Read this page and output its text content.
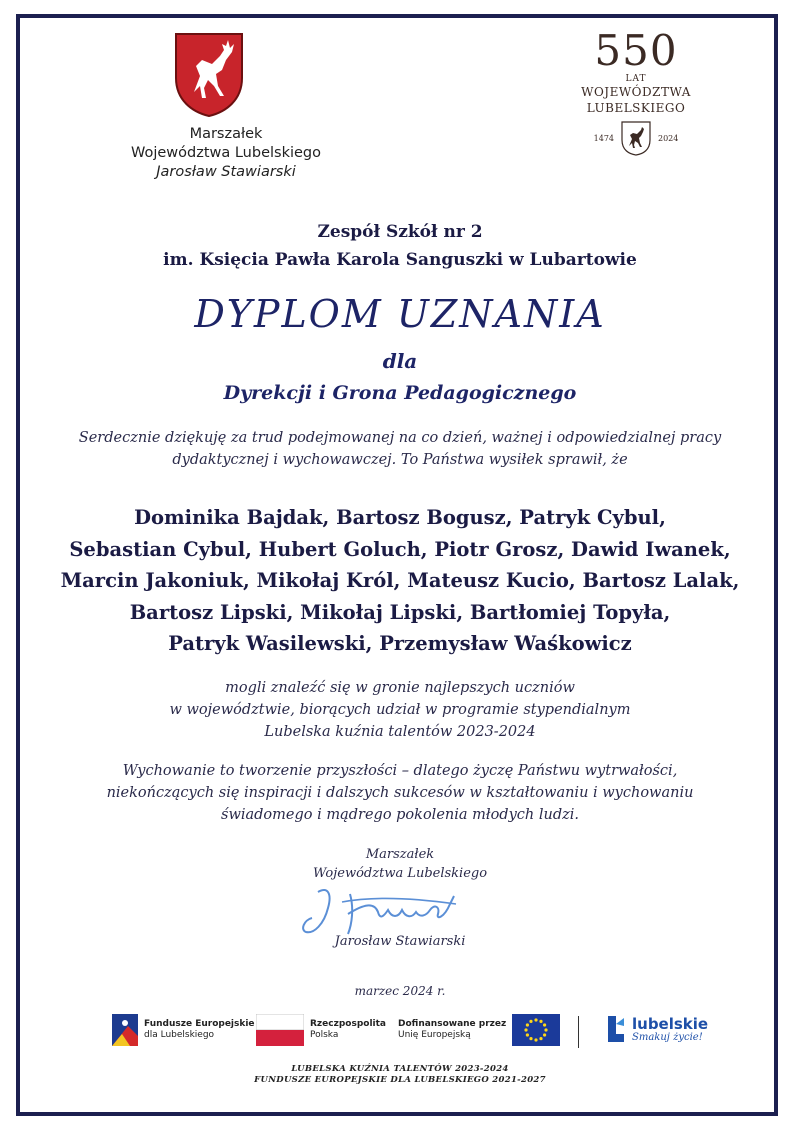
Marszałek
Województwa Lubelskiego
Jarosław Stawiarski
550
LAT
WOJEWÓDZTWA
LUBELSKIEGO
1474	2024
Zespół Szkół nr 2
im. Księcia Pawła Karola Sanguszki w Lubartowie
DYPLOM UZNANIA
dla
Dyrekcji i Grona Pedagogicznego
Serdecznie dziękuję za trud podejmowanej na co dzień, ważnej i odpowiedzialnej pracy
dydaktycznej i wychowawczej. To Państwa wysiłek sprawił, że
Dominika Bajdak, Bartosz Bogusz, Patryk Cybul,
Sebastian Cybul, Hubert Goluch, Piotr Grosz, Dawid Iwanek,
Marcin Jakoniuk, Mikołaj Król, Mateusz Kucio, Bartosz Lalak,
Bartosz Lipski, Mikołaj Lipski, Bartłomiej Topyła,
Patryk Wasilewski, Przemysław Waśkowicz
mogli znaleźć się w gronie najlepszych uczniów
w województwie, biorących udział w programie stypendialnym
Lubelska kuźnia talentów 2023-2024
Wychowanie to tworzenie przyszłości – dlatego życzę Państwu wytrwałości,
niekończących się inspiracji i dalszych sukcesów w kształtowaniu i wychowaniu
świadomego i mądrego pokolenia młodych ludzi.
Marszałek
Województwa Lubelskiego
Jarosław Stawiarski
marzec 2024 r.
Fundusze Europejskie
dla Lubelskiego
Rzeczpospolita
Polska
Dofinansowane przez
Unię Europejską
lubelskie
Smakuj życie!
LUBELSKA KUŹNIA TALENTÓW 2023-2024
FUNDUSZE EUROPEJSKIE DLA LUBELSKIEGO 2021-2027
